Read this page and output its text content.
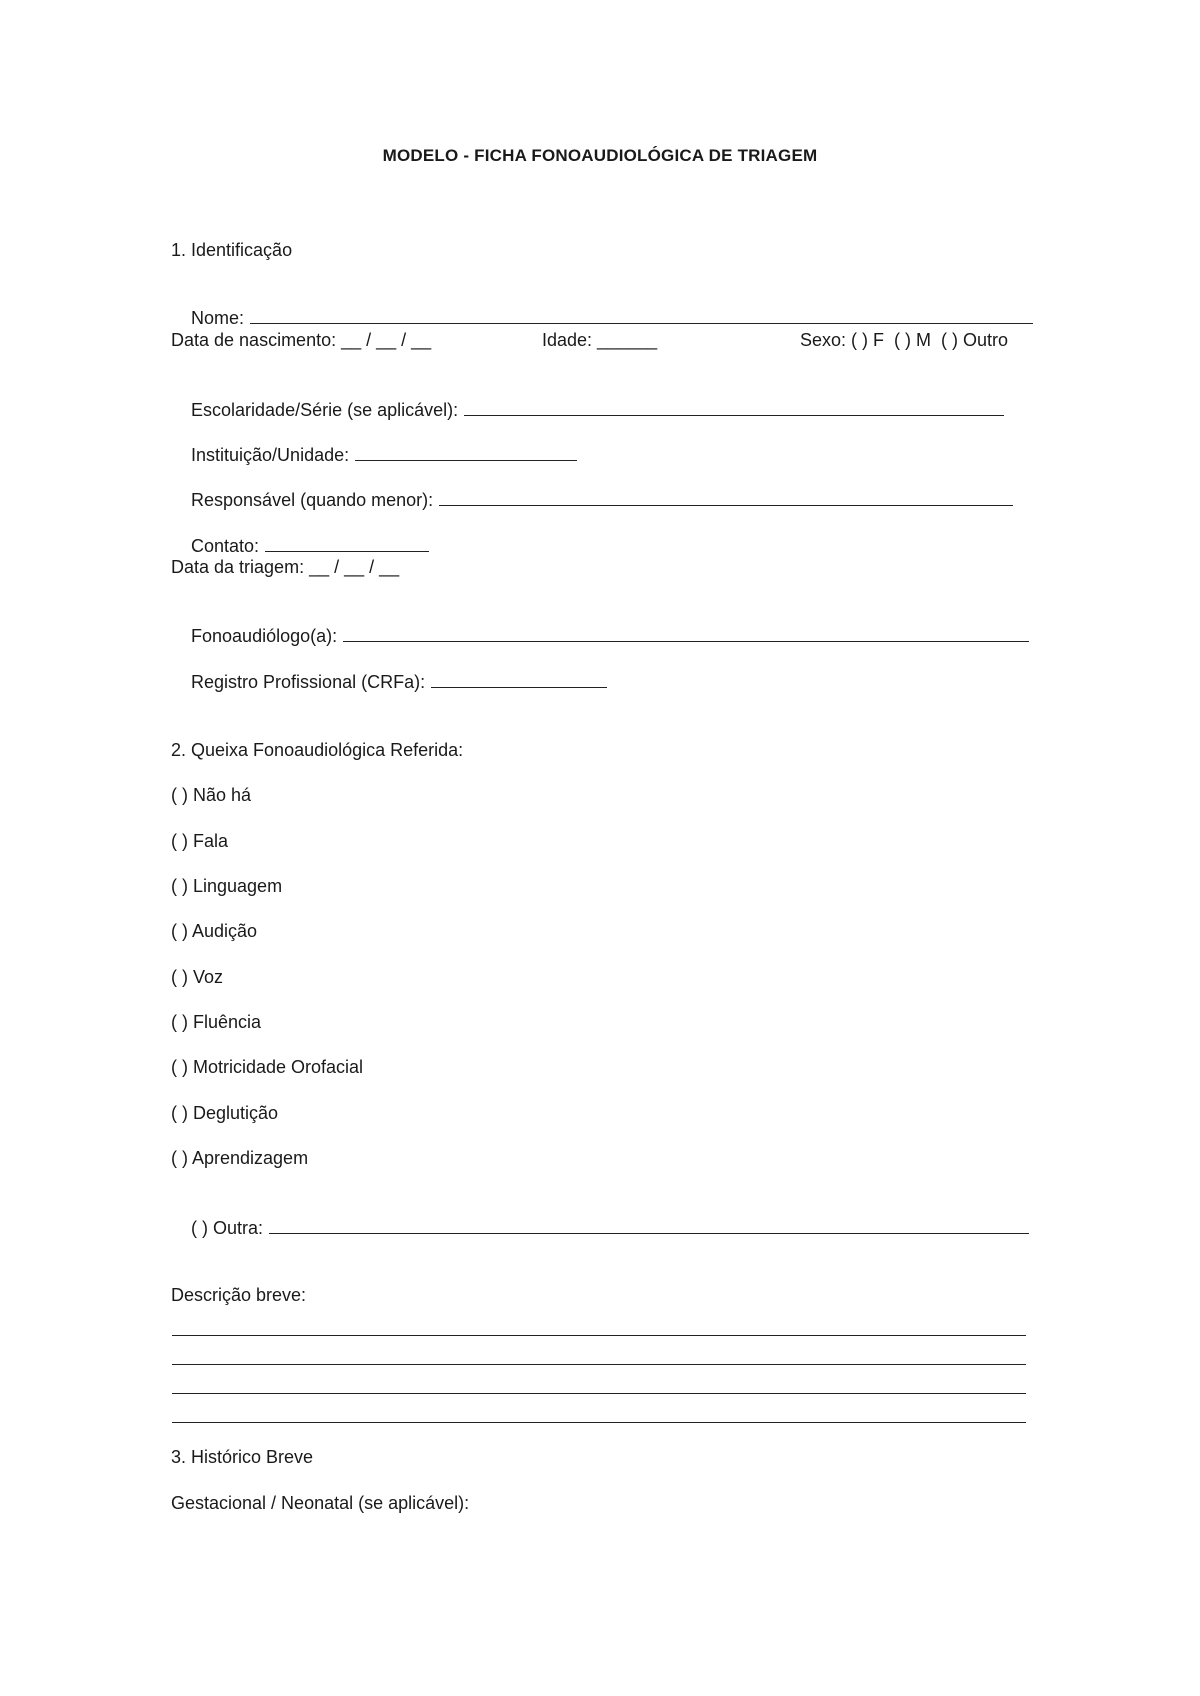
MODELO - FICHA FONOAUDIOLÓGICA DE TRIAGEM
1. Identificação

Nome:

Data de nascimento: __ / __ / __	Idade: ______	Sexo: ( ) F  ( ) M  ( ) Outro

Escolaridade/Série (se aplicável):

Instituição/Unidade:

Responsável (quando menor):

Contato:

Data da triagem: __ / __ / __

Fonoaudiólogo(a):

Registro Profissional (CRFa):

2. Queixa Fonoaudiológica Referida:
( ) Não há
( ) Fala
( ) Linguagem
( ) Audição
( ) Voz
( ) Fluência
( ) Motricidade Orofacial
( ) Deglutição
( ) Aprendizagem

( ) Outra:

Descrição breve:
3. Histórico Breve
Gestacional / Neonatal (se aplicável):
